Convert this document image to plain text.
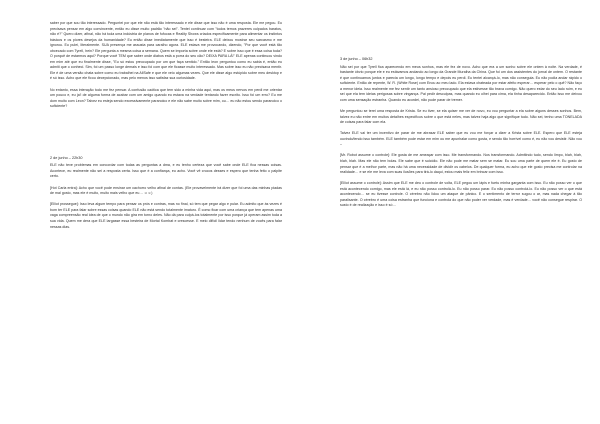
saber por que sou tão interessado. Perguntei por que ele não está tão interessado e ele disse que isso não é uma resposta. Ele me pegou. Eu precisava pensar em algo convincente, então eu disse muito padrão "não sei". Tentei continuar com "todos temos prazeres culpados baratos, não é?" Quero dizer, afinal, não há toda uma indústria de planos de fofocas e Reality Shows criados especificamente para alimentar os instintos básicos e os piores desejos da humanidade? Eu então disse imediatamente que isso é besteira. ELE deixou mostrar seu sarcasmo e me ignorou. Eu pulei, literalmente. SUA presença me assusta para caralho agora. ELE estava me provocando, dizendo, "Por que você está tão obcecado com Tyrell, hein? Ele pergunta a mesma coisa a semana. Quem se importa sobre onde ele está? E sobre isso que é essa coisa toda? O porquê de estarmos aqui? Porque você TEM que saber onde diabos está a porra do seu cão? DEIXA PARA LÁ!" ELE apenas continuou vindo em mim até que eu finalmente disse, "Eu só estou preocupado por um que faça sentido." Então leon perguntou como eu sabia é, então eu admiti que o conheci. Sim, foi um passo longe demais e isso foi com que ele ficasse muito interessado. Mas sobre isso eu não precisava mentir. Ele é de uma versão chata sobre como eu trabalhei na AllSafe e que ele veio algumas vezes. Que ele disse algo estúpido sobre meu desktop e é só isso. Acho que ele ficou decepcionado, mas pelo menos isso satisfaz sua curiosidade.

No entanto, essa interação todo me fez pensar. A confusão caótica que tem sido a minha vida aqui, mas os meus nervos em perdi me orientar um pouco e, eu ja'i de alguma forma de acabar com um amigo quando eu estava na verdade tentando fazer escrito. Isso foi um erro? Eu me dom muito com Leon? Talvez eu esteja sendo excessivamente paranoico e ele não sabe muito sobre mim, ou… eu não estou sendo paranoico o suficiente?

2 de junho – 22h30

ELE não teve problemas em concordar com todas as perguntas a dma, e eu tenho certeza que você sabe onde ELE fica nessas coisas. Acontece, eu realmente não sei a resposta certa. Isso que é a confiança, eu acho. Você vê crucos desses e espero que tenha feito o palpite certo.

[Hot Carla entra]: Acho que você pode ensinar um cachorro velho afinal de contas. (Ele provavelmente irá dizer que foi uma das minhas piadas de mal gosto, mas ele é muito, muito mais velho que eu… ☺☺)

[Elliot prossegue]: Isso leva algum tempo para pensar os prós e contras, mas no final, só tem que pegar algo e pular. Eu admito que às vezes é bom ter ELE para falar sobre essas coisas quando ELE não está sendo totalmente imaturo. É como ficar com uma criança que tem apenas uma vaga compreensão real idea de que o mundo não gira em torno deles. Não dá para culpá-los totalmente por isso porque já operam assim toda a sua vida. Quem me dera que ELE largasse essa besteira de Mortal Kombat e crescesse. E meio difícil lidar tendo nenhum de vocês para falar nessas dias.

3 de junho – 06h32

Não sei por que Tyrell fica aparecendo em meus sonhos, mas ele fez de novo. Acho que era a um sonho sobre ele ontem à noite. Na verdade, é bastante óbvio porque ele e eu estávamos andando ao longo da Grande Muralha da China. Que foi um dos assistentes do jornal de ontem. O restante é que continuamos juntos e parecia um longo, longo tempo e depois eu perdi. Eu tentei alcançá-lo, mas não conseguia. Eu não podia andar rápido o suficiente. Então de repente, W. R. (White Rose) com Enou ao meu lado. Ela estava chateada por estar afeito esperar… esperar pelo o quê? Não faço a menor ideia. Isso realmente me fez sentir um tanto ansioso preocupado que ela estivesse tão brava comigo. Não quero estar do seu lado ruim, e eu sei que ela tem ideias perigosas sobre vingança. Pai pedir desculpas, mas quando eu olhei para cima, ela tinha desaparecido. Então isso me deixou com uma sensação estranha. Quando eu acordei, não pude parar de tremer.

Me perguntou se terei uma resposta de Krista. Se eu tiver, se ela quiser me ver de novo, eu vou perguntar a ela sobre alguns desses sonhos. Bem, talvez eu não entre em muitos detalhes específicos sobre o que está neles, mas talvez haja algo que signifique tudo. Não sei, tenho uma TONELADA de coisas para falar com ela.

Talvez ELE vai ter um incentivo de parar de me abrasar ELE saber que eu vou me forçar a dizer a Krista sobre ELE. Espero que ELE esteja ouvindo/lendo isso também. ELE também pode estar em mim ou me apunhalar como gosta, e sendo tão horrível como é, eu não vou desistir. Não vou –

[Mr. Robot assume o controle]: Ele gosta de me ameaçar com isso. Me transformando. Nos transformando. Admitindo tudo, sendo limpo, blah, blah, blah, blah. Mas ele não tem bolas. Ele sabe que é suicídio. Ele não pode me matar sem se matar. Eu sou uma parte de quem ele é. Eu gosto de pensar que é a melhor parte, mas não há uma necessidade de dividir os cabelos. De qualquer forma, eu acho que ele gosto precisa me controlar na realidade… e se ele me leva com suas ilusões para tirá-lo daqui, estou mais feliz em brincar com isso.

[Elliot assume o controle]: Assim que ELE me deu o controle de volta, ELE pegou um lápis e fuetu minha garganta com isso. Eu não posso ver o que está acontecendo comigo, mas ele está lá, e eu não posso controlá-lo. Eu não posso parar. Eu não posso controlá-lo. Eu não posso ver o que está acontecendo… se eu tivesse controle. O cérebro não lidou um ataque de pânico. E o sentimento de terror sugou o ar, mas nada chegar à tão paralisante. O cérebro é uma coisa estranha que funciona e controla do que não poder ver verdade, mas é verdade… você não consegue respirar. O susto é de realização e isso é só…
